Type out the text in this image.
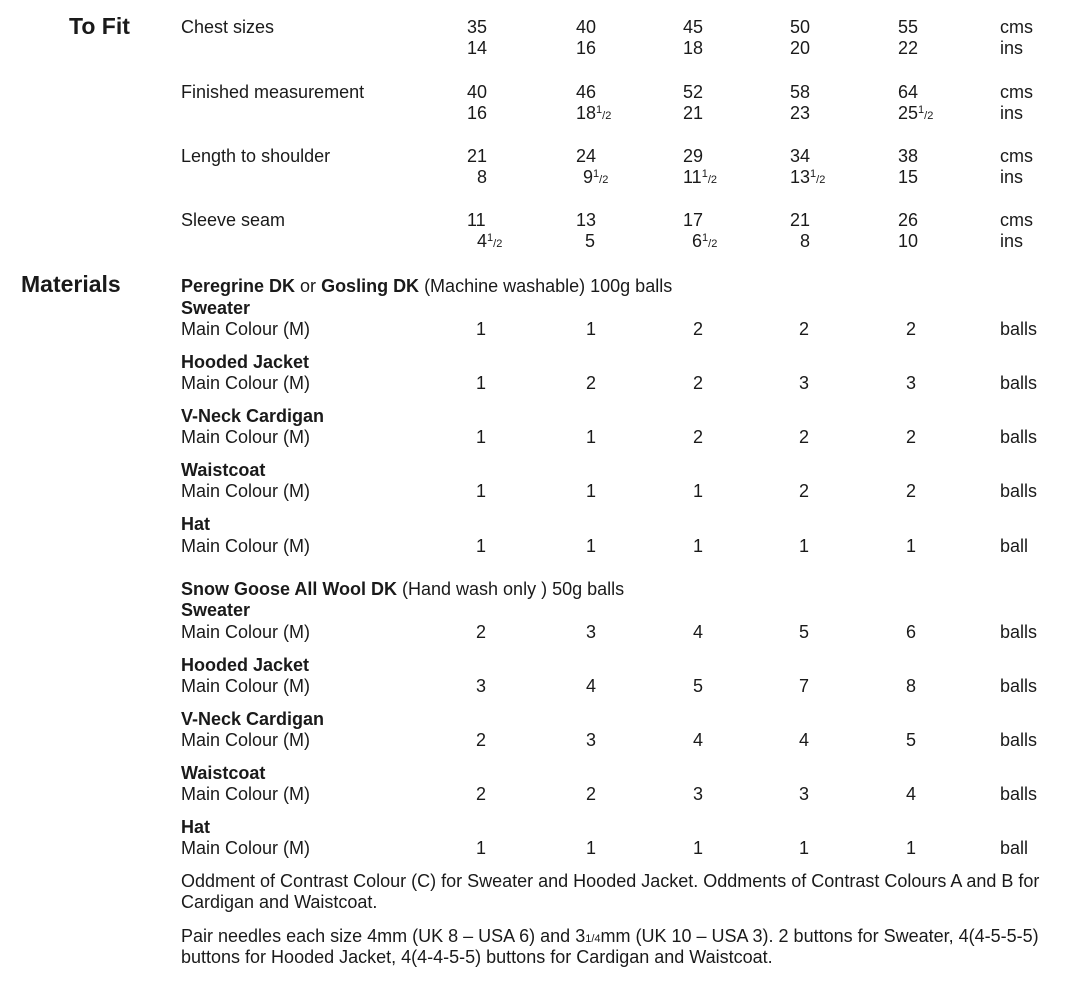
To Fit	Chest sizes	35	40	45	50	55	cms
14	16	18	20	22	ins
Finished measurement	40	46	52	58	64	cms
16	$18^1/2$	21	23	$25^1/2$	ins
Length to shoulder	21	24	29	34	38	cms
8	$9^1/2$	$11^1/2$	$13^1/2$	15	ins
Sleeve seam	11	13	17	21	26	cms
$4^1/2$	5	$6^1/2$	8	10	ins
Materials	Peregrine DK or Gosling DK (Machine washable) 100g balls
Sweater
Main Colour (M)	1	1	2	2	2	balls
Hooded Jacket
Main Colour (M)	1	2	2	3	3	balls
V-Neck Cardigan
Main Colour (M)	1	1	2	2	2	balls
Waistcoat
Main Colour (M)	1	1	1	2	2	balls
Hat
Main Colour (M)	1	1	1	1	1	ball
Snow Goose All Wool DK (Hand wash only ) 50g balls
Sweater
Main Colour (M)	2	3	4	5	6	balls
Hooded Jacket
Main Colour (M)	3	4	5	7	8	balls
V-Neck Cardigan
Main Colour (M)	2	3	4	4	5	balls
Waistcoat
Main Colour (M)	2	2	3	3	4	balls
Hat
Main Colour (M)	1	1	1	1	1	ball
Oddment of Contrast Colour (C) for Sweater and Hooded Jacket. Oddments of Contrast Colours A and B for Cardigan and Waistcoat.
Pair needles each size 4mm (UK 8 – USA 6) and 31/4mm (UK 10 – USA 3). 2 buttons for Sweater, 4(4-5-5-5) buttons for Hooded Jacket, 4(4-4-5-5) buttons for Cardigan and Waistcoat.
